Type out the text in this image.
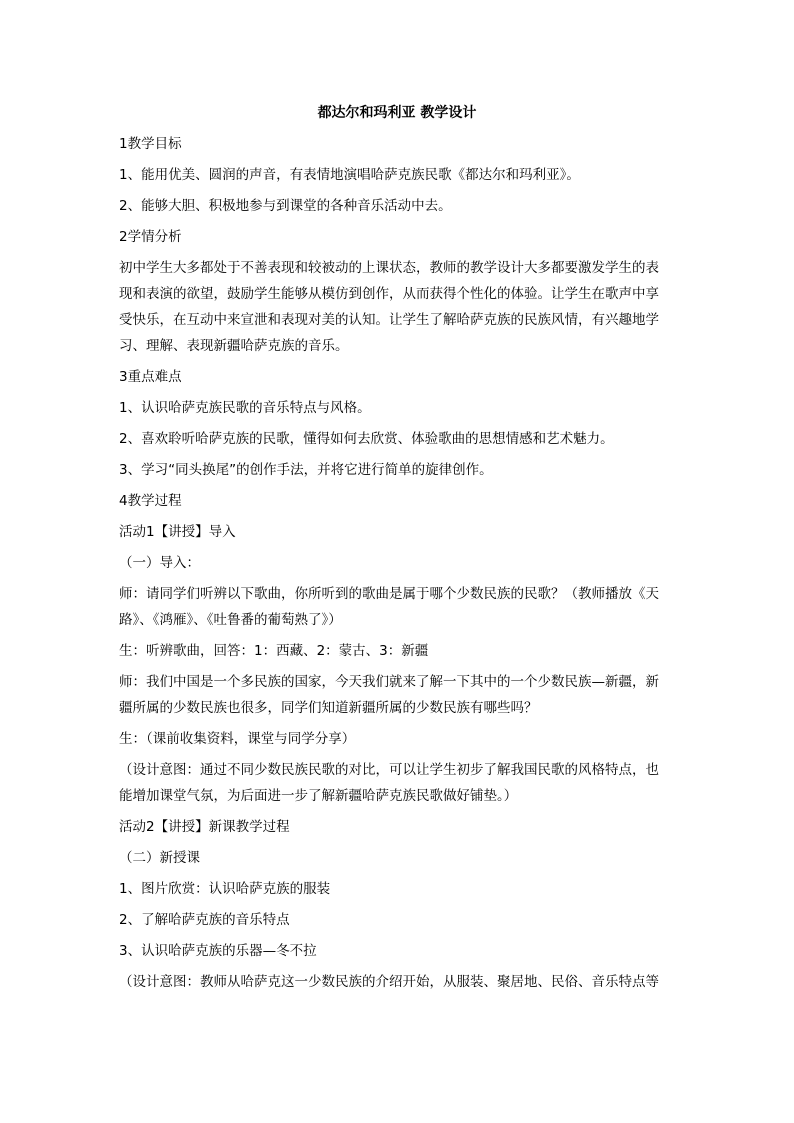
都达尔和玛利亚 教学设计
1教学目标
1、能用优美、圆润的声音，有表情地演唱哈萨克族民歌《都达尔和玛利亚》。
2、能够大胆、积极地参与到课堂的各种音乐活动中去。
2学情分析
初中学生大多都处于不善表现和较被动的上课状态，教师的教学设计大多都要激发学生的表
现和表演的欲望，鼓励学生能够从模仿到创作，从而获得个性化的体验。让学生在歌声中享
受快乐，在互动中来宣泄和表现对美的认知。让学生了解哈萨克族的民族风情，有兴趣地学
习、理解、表现新疆哈萨克族的音乐。
3重点难点
1、认识哈萨克族民歌的音乐特点与风格。
2、喜欢聆听哈萨克族的民歌，懂得如何去欣赏、体验歌曲的思想情感和艺术魅力。
3、学习“同头换尾”的创作手法，并将它进行简单的旋律创作。
4教学过程
活动1【讲授】导入
（一）导入：
师：请同学们听辨以下歌曲，你所听到的歌曲是属于哪个少数民族的民歌？（教师播放《天
路》、《鸿雁》、《吐鲁番的葡萄熟了》）
生：听辨歌曲，回答：1：西藏、2：蒙古、3：新疆
师：我们中国是一个多民族的国家，今天我们就来了解一下其中的一个少数民族—新疆，新
疆所属的少数民族也很多，同学们知道新疆所属的少数民族有哪些吗？
生：（课前收集资料，课堂与同学分享）
（设计意图：通过不同少数民族民歌的对比，可以让学生初步了解我国民歌的风格特点，也
能增加课堂气氛，为后面进一步了解新疆哈萨克族民歌做好铺垫。）
活动2【讲授】新课教学过程
（二）新授课
1、图片欣赏：认识哈萨克族的服装
2、了解哈萨克族的音乐特点
3、认识哈萨克族的乐器—冬不拉
（设计意图：教师从哈萨克这一少数民族的介绍开始，从服装、聚居地、民俗、音乐特点等
